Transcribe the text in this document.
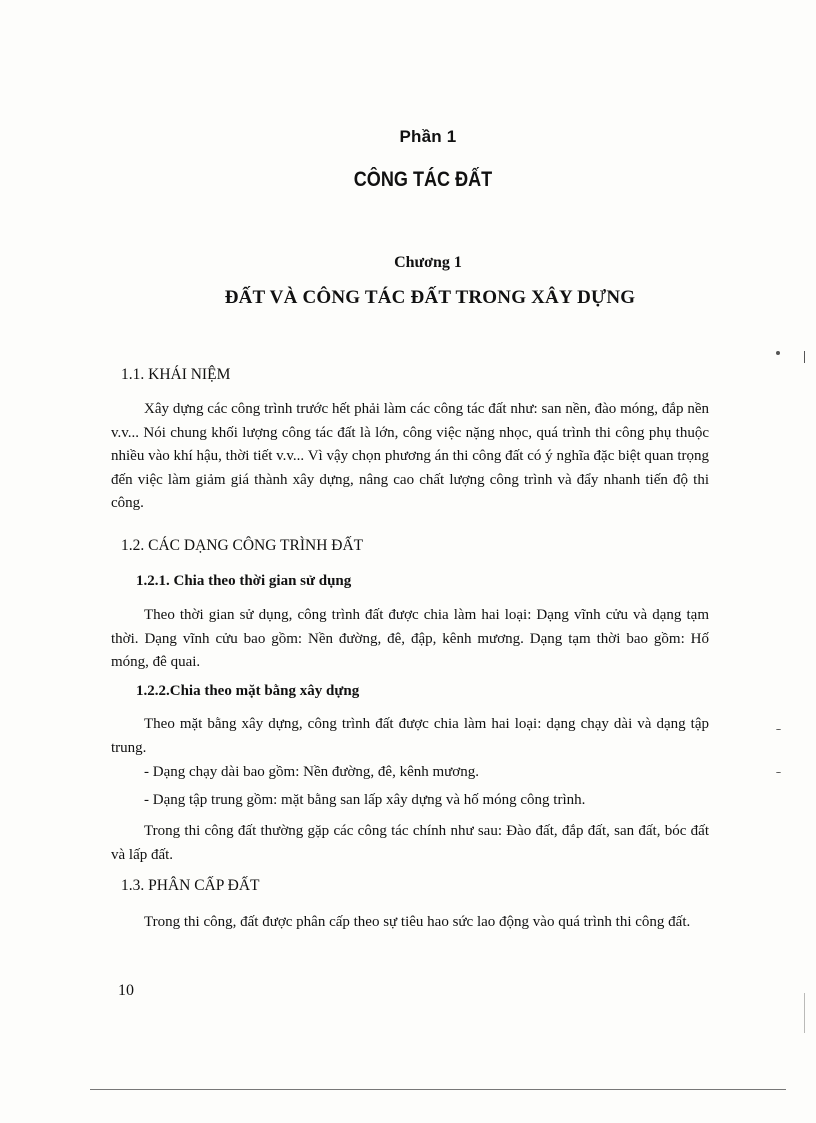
Phần 1
CÔNG TÁC ĐẤT
Chương 1
ĐẤT VÀ CÔNG TÁC ĐẤT TRONG XÂY DỰNG
1.1. KHÁI NIỆM

Xây dựng các công trình trước hết phải làm các công tác đất như: san nền, đào móng, đắp nền v.v... Nói chung khối lượng công tác đất là lớn, công việc nặng nhọc, quá trình thi công phụ thuộc nhiều vào khí hậu, thời tiết v.v... Vì vậy chọn phương án thi công đất có ý nghĩa đặc biệt quan trọng đến việc làm giảm giá thành xây dựng, nâng cao chất lượng công trình và đẩy nhanh tiến độ thi công.

1.2. CÁC DẠNG CÔNG TRÌNH ĐẤT
1.2.1. Chia theo thời gian sử dụng

Theo thời gian sử dụng, công trình đất được chia làm hai loại: Dạng vĩnh cửu và dạng tạm thời. Dạng vĩnh cửu bao gồm: Nền đường, đê, đập, kênh mương. Dạng tạm thời bao gồm: Hố móng, đê quai.

1.2.2.Chia theo mặt bằng xây dựng

Theo mặt bằng xây dựng, công trình đất được chia làm hai loại: dạng chạy dài và dạng tập trung.

- Dạng chạy dài bao gồm: Nền đường, đê, kênh mương.
- Dạng tập trung gồm: mặt bằng san lấp xây dựng và hố móng công trình.

Trong thi công đất thường gặp các công tác chính như sau: Đào đất, đắp đất, san đất, bóc đất và lấp đất.

1.3. PHÂN CẤP ĐẤT

Trong thi công, đất được phân cấp theo sự tiêu hao sức lao động vào quá trình thi công đất.

10
